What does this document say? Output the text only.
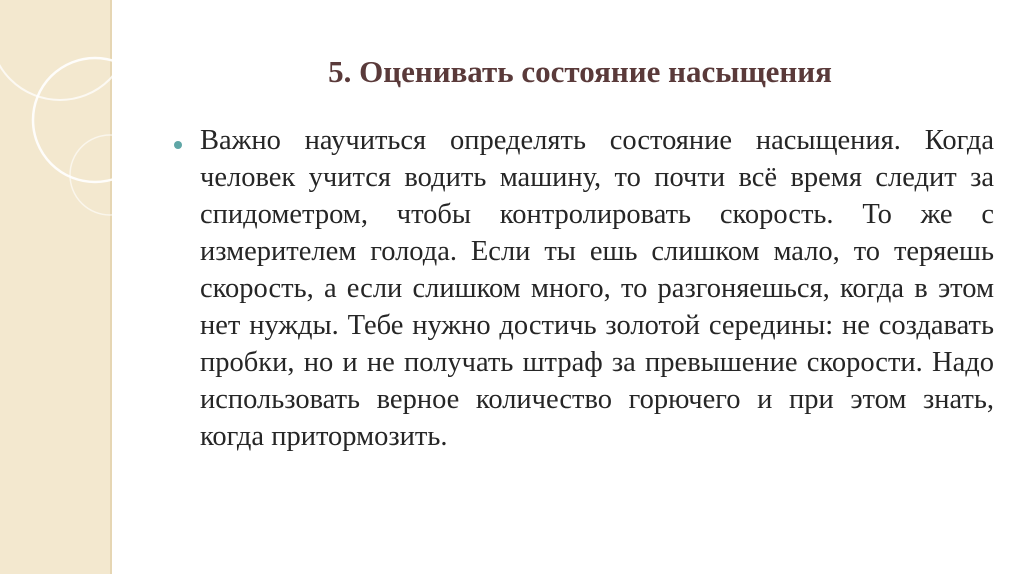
5. Оценивать состояние насыщения

Важно научиться определять состояние насыщения. Когда человек учится водить машину, то почти всё время следит за спидометром, чтобы контролировать скорость. То же с измерителем голода. Если ты ешь слишком мало, то теряешь скорость, а если слишком много, то разгоняешься, когда в этом нет нужды. Тебе нужно достичь золотой середины: не создавать пробки, но и не получать штраф за превышение скорости. Надо использовать верное количество горючего и при этом знать, когда притормозить.
